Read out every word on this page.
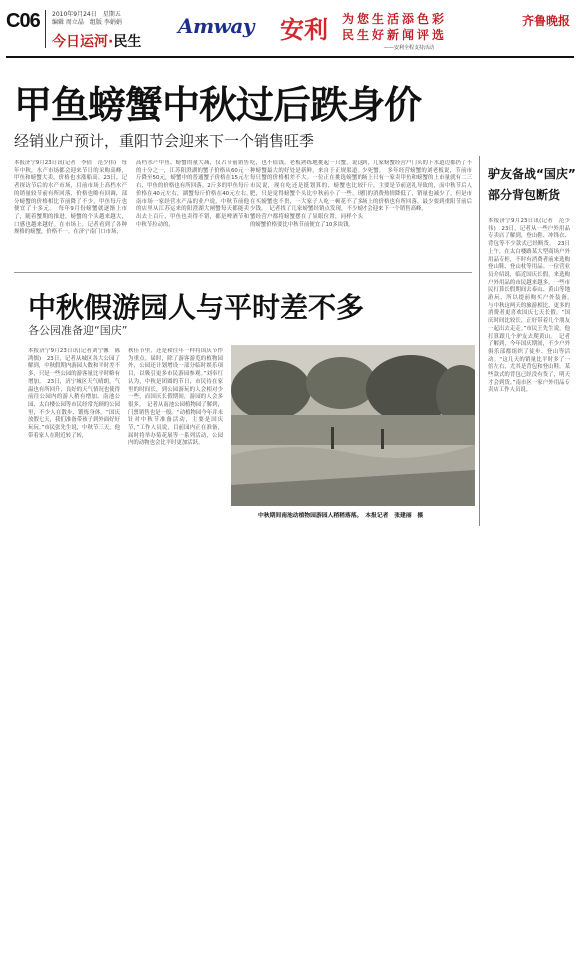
C06 2010年9月24日　星期五
编辑 周立晶　组版 李娟娟
今日运河·民生
Amway 安利 为您生活添色彩
民生好新闻评选
——安利全程支持活动
齐鲁晚报
甲鱼螃蟹中秋过后跌身价
经销业户预计，重阳节会迎来下一个销售旺季
本报济宁9月23日讯(记者　李倩　范少伟)　每年中秋，水产市场都会迎来节日的采购高峰，甲鱼和螃蟹大卖，价格也水涨船高。23日，记者探访节后的水产市场，目前市场上高档水产的销量较节前有所回落，价格也略有回调，部分螃蟹的价格相比节前降了不少，甲鱼每斤也便宜了十多元。　每年9月份螃蟹就逐渐上市了，随着蟹期的推进，螃蟹的个头越来越大，口感也越来越好。在市场上，记者看到了各种规格的螃蟹，价格不一。在济宁南门口市场，
高档水产甲鱼、螃蟹的量大减，仅占节前销售的十分之一，江苏阳澄湖的蟹子价格从60元一斤降至50元，螃蟹中的普通蟹子价格在15元左右，甲鱼的价格也有所回落。2斤多的甲鱼每斤价格在40元左右，湖蟹每斤价格在40元左右。　南市场一家经营水产品的业户说，中秋节前他的店里从江苏运来的阳澄湖大闸蟹每天都能卖出去上百斤，甲鱼也卖得不错，都是啤酒节和中秋节拉动的，
吃，也不值钱。老板熟练地挑起一只蟹，说这种螃蟹最大的好处是新鲜，来自于正规渠道。每只蟹的价格相差不大。一位正在挑选螃蟹的市民说，现在吃还是挺划算的，螃蟹也比较肥，只是觉得螃蟹个头比中秋前小了一些。现在买螃蟹也不贵，一大家子人吃一顿花不了多少钱。　记者找了几家螃蟹经销点发现，不少螃蟹经营户都将螃蟹摆在了显眼位置，同样个头的螃蟹价格要比中秋节前便宜了10多块钱。
到，几家螃蟹经营户门头的下水道边都扔了不少死蟹。　多年经营螃蟹的刘老板说，节前市场上只有一家卖甲鱼和螃蟹的上市量就有二三千斤，主要是节前送礼导致的，而中秋节后人们的消费热情降低了，销量也减少了，但是市场上的价格也有所回落，最少要到重阳节前后才会迎来下一个销售高峰。
驴友备战“国庆”
部分背包断货
本报济宁9月23日讯(记者　范少伟)　23日，记者从一些户外用品专卖店了解到，登山鞋、冲锋衣、背包等不少款式已经断货。　23日上午，在太白楼路某大型商场户外用品专柜，不时有消费者前来选购登山鞋、登山杖等用品。一位营业员介绍说，临近国庆长假，来选购户外用品的市民越来越多。一些市民打算长假期间去泰山、黄山等地游玩，所以提前购买户外装备。　与中秋这两天的旅游相比，更多的消费者更喜欢国庆七天长假。“国庆时间比较长，正好带着几个朋友一起出去走走。”市民王先生说，他打算跟几个驴友去爬黄山。　记者了解到，今年国庆期间，不少户外俱乐部都组织了徒步、登山等活动。“这几天的销量比平时多了一倍左右，尤其是背包和登山鞋，某些款式的背包已经没有货了，明天才会到货。”南市区一家户外用品专卖店工作人员说。
中秋假游园人与平时差不多
各公园准备迎“国庆”
本报济宁9月23日讯(记者刘宁馨　陈鸿儒)　23日，记者从城区各大公园了解到，中秋假期内游园人数和平时差不多，只是一些公园的游客量比平时略有增加。　23日，济宁城区天气晴朗，气温也有所回升，良好的天气情况也使得前往公园内的游人稍有增加。南池公园、太白楼公园等市民经常光顾的公园里，不少人在散步、锻炼身体。“国庆放假七天，我们准备带孩子到外面好好玩玩。”市民张先生说，中秋节三天，他带着家人在附近转了转，
秋佳节里，还是和往年一样将国庆节作为重点。届时，除了游客游览的植物园外，公园还计划增设一部分临时娱乐项目，以吸引更多市民游园参观。”刘奉红认为，中秋是团圆的节日，市民待在家里的时间长，到公园游玩的人会相对少一些，而国庆长假期间，游园的人会多很多。　记者从南池公园植物园了解到，门票销售也是一般。“动植物园今年并未针对中秋节准备活动，主要是国庆节，”工作人员说，目前园内正在准备，届时将举办菊花展等一系列活动，公园内的动物也会比平时更加活跃。
中秋期间南池动植物园游园人稍稍落落。　本报记者　张建丽　摄
